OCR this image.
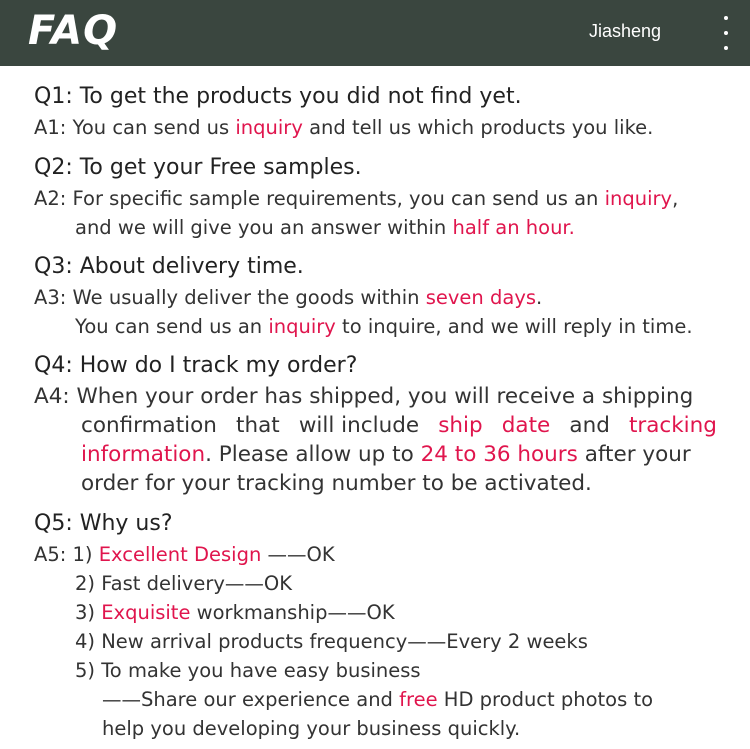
FAQ	Jiasheng
Q1: To get the products you did not find yet.
A1: You can send us inquiry and tell us which products you like.
Q2: To get your Free samples.
A2: For specific sample requirements, you can send us an inquiry,
and we will give you an answer within half an hour.
Q3: About delivery time.
A3: We usually deliver the goods within seven days.
You can send us an inquiry to inquire, and we will reply in time.
Q4: How do I track my order?
A4: When your order has shipped, you will receive a shipping
confirmation that will include ship date and tracking
information. Please allow up to 24 to 36 hours after your
order for your tracking number to be activated.
Q5: Why us?
A5: 1) Excellent Design ——OK
2) Fast delivery——OK
3) Exquisite workmanship——OK
4) New arrival products frequency——Every 2 weeks
5) To make you have easy business
——Share our experience and free HD product photos to
help you developing your business quickly.
